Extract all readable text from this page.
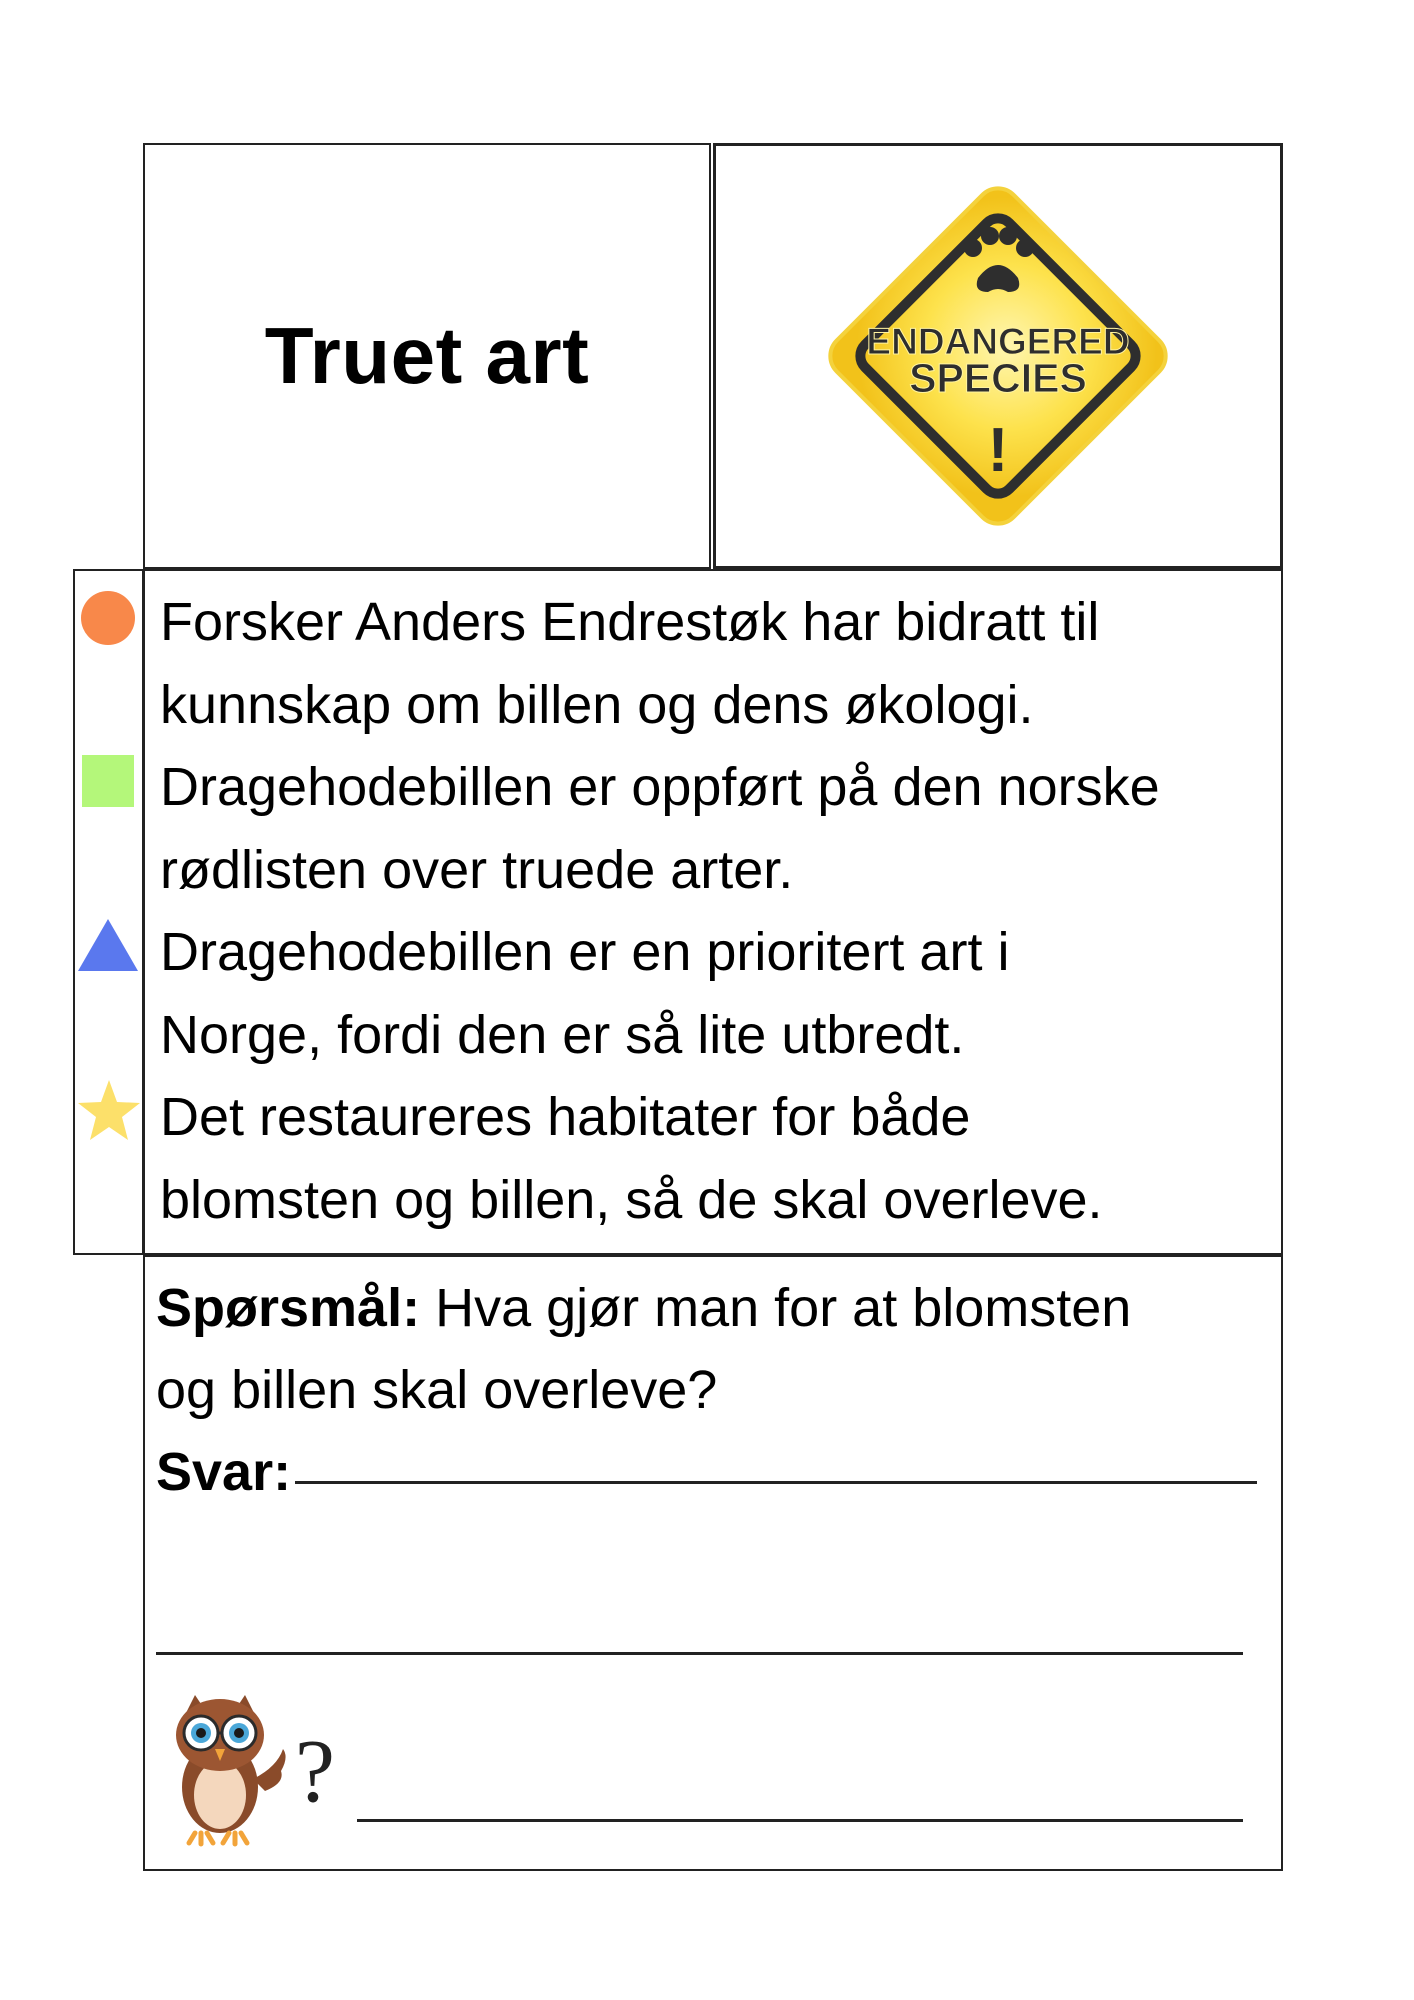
Truet art	ENDANGERED
SPECIES
!

Forsker Anders Endrestøk har bidratt til

kunnskap om billen og dens økologi.

Dragehodebillen er oppført på den norske

rødlisten over truede arter.

Dragehodebillen er en prioritert art i

Norge, fordi den er så lite utbredt.

Det restaureres habitater for både

blomsten og billen, så de skal overleve.

Spørsmål: Hva gjør man for at blomsten

og billen skal overleve?

Svar:

?
